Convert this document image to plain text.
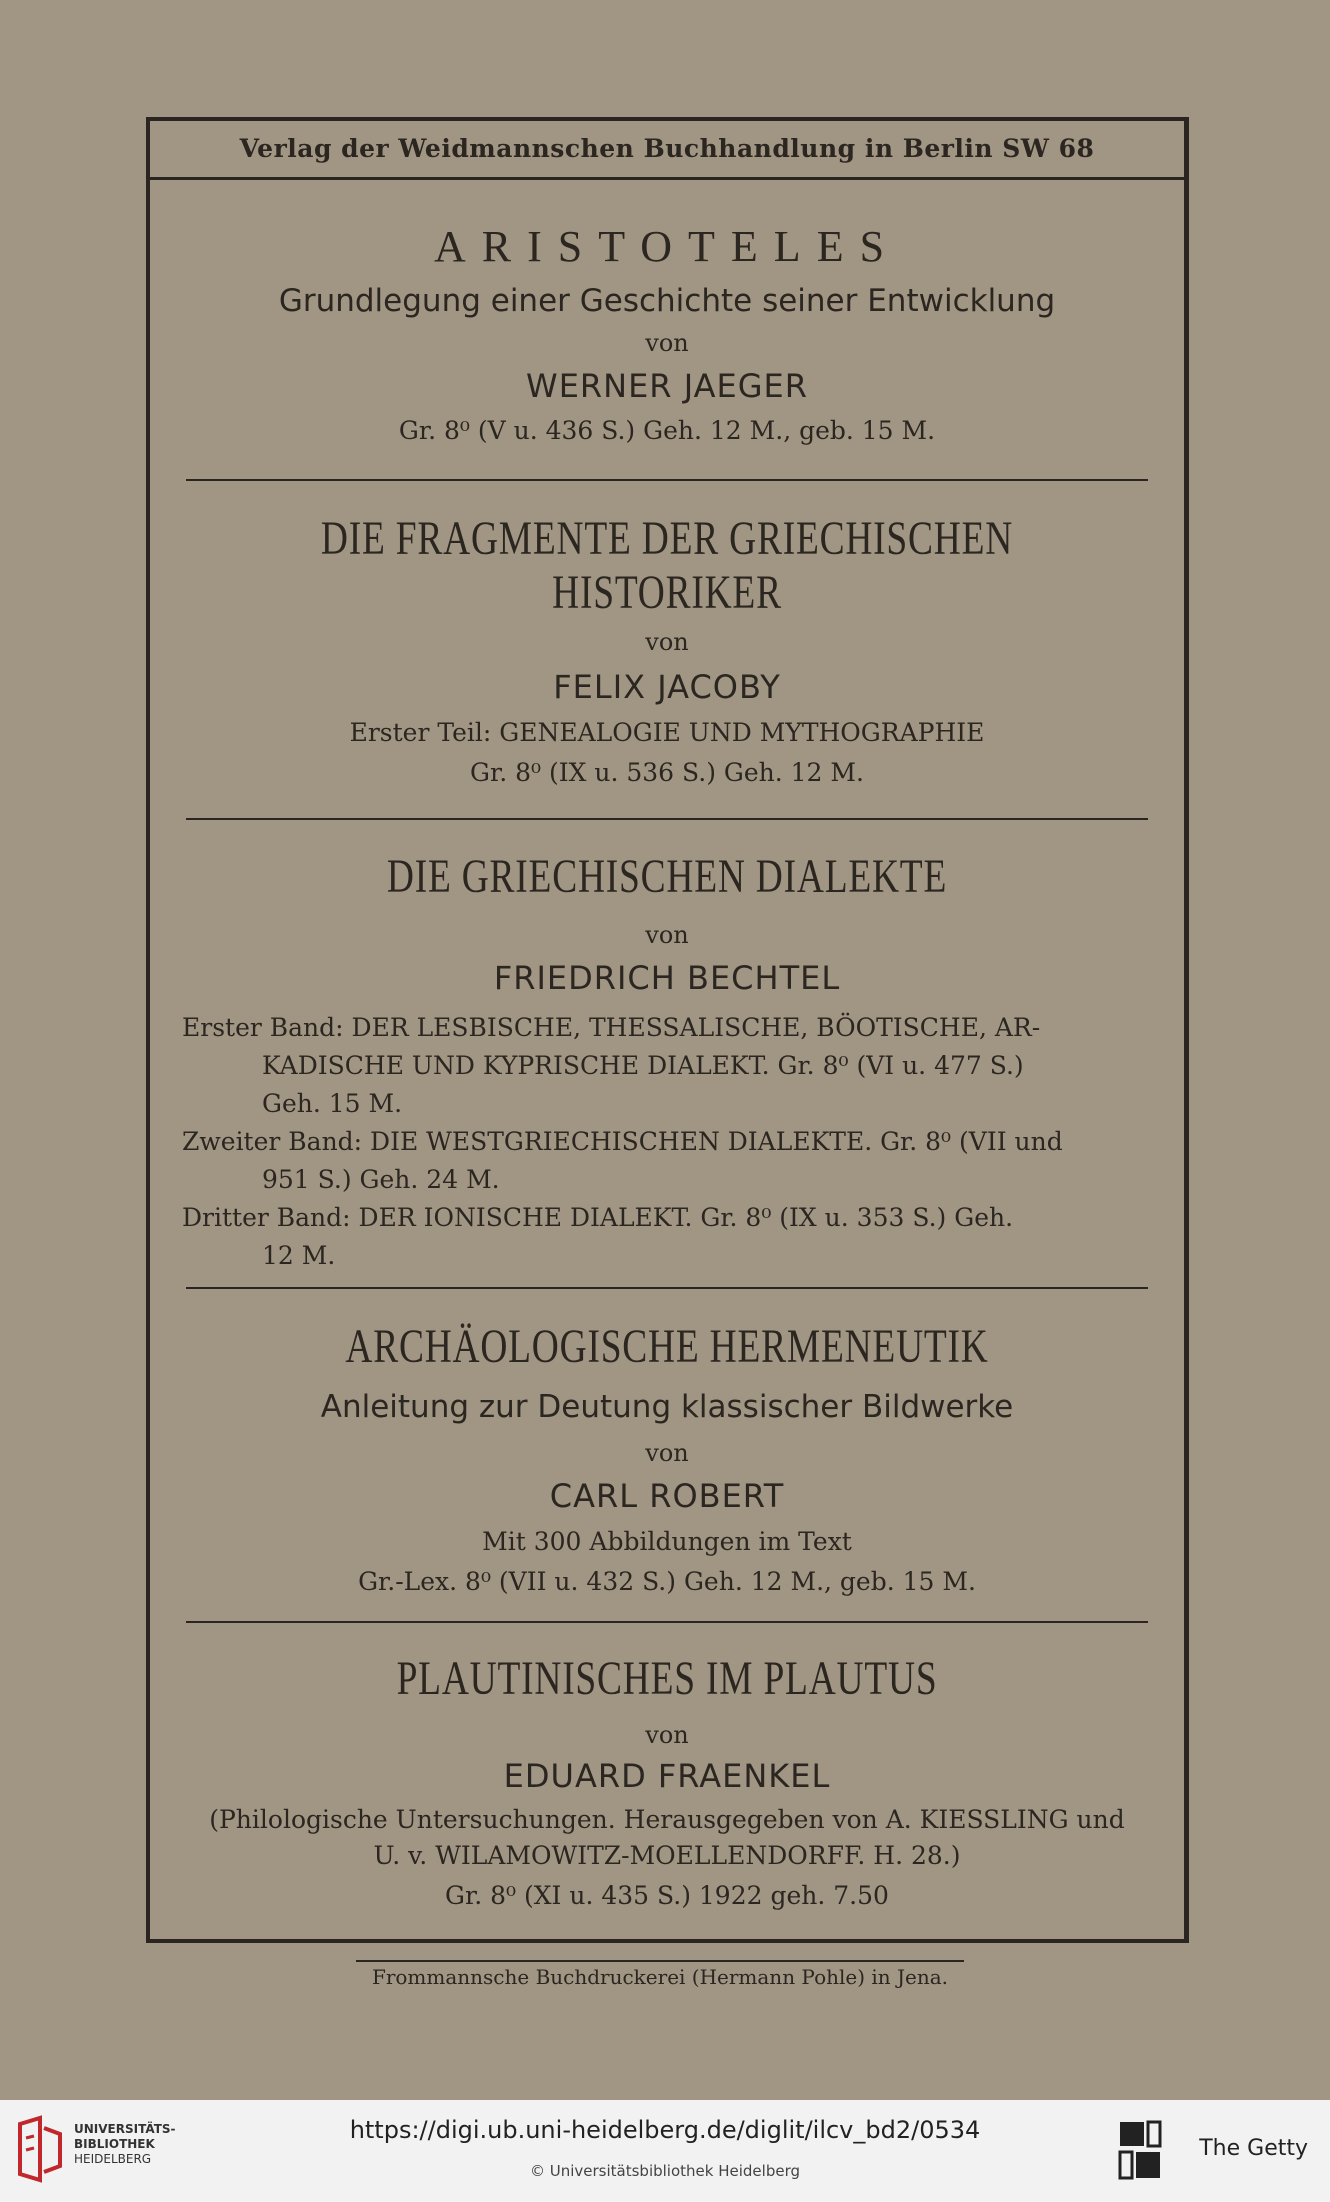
Verlag der Weidmannschen Buchhandlung in Berlin SW 68
ARISTOTELES
Grundlegung einer Geschichte seiner Entwicklung
von
WERNER JAEGER
Gr. 8⁰ (V u. 436 S.) Geh. 12 M., geb. 15 M.
DIE FRAGMENTE DER GRIECHISCHEN
HISTORIKER
von
FELIX JACOBY
Erster Teil: GENEALOGIE UND MYTHOGRAPHIE
Gr. 8⁰ (IX u. 536 S.) Geh. 12 M.
DIE GRIECHISCHEN DIALEKTE
von
FRIEDRICH BECHTEL
Erster Band: DER LESBISCHE, THESSALISCHE, BÖOTISCHE, AR-
KADISCHE UND KYPRISCHE DIALEKT. Gr. 8⁰ (VI u. 477 S.)
Geh. 15 M.
Zweiter Band: DIE WESTGRIECHISCHEN DIALEKTE. Gr. 8⁰ (VII und
951 S.) Geh. 24 M.
Dritter Band: DER IONISCHE DIALEKT. Gr. 8⁰ (IX u. 353 S.) Geh.
12 M.
ARCHÄOLOGISCHE HERMENEUTIK
Anleitung zur Deutung klassischer Bildwerke
von
CARL ROBERT
Mit 300 Abbildungen im Text
Gr.-Lex. 8⁰ (VII u. 432 S.) Geh. 12 M., geb. 15 M.
PLAUTINISCHES IM PLAUTUS
von
EDUARD FRAENKEL
(Philologische Untersuchungen. Herausgegeben von A. KIESSLING und
U. v. WILAMOWITZ-MOELLENDORFF. H. 28.)
Gr. 8⁰ (XI u. 435 S.) 1922 geh. 7.50
Frommannsche Buchdruckerei (Hermann Pohle) in Jena.
UNIVERSITÄTS-
BIBLIOTHEK
HEIDELBERG
https://digi.ub.uni-heidelberg.de/diglit/ilcv_bd2/0534
© Universitätsbibliothek Heidelberg
The Getty
